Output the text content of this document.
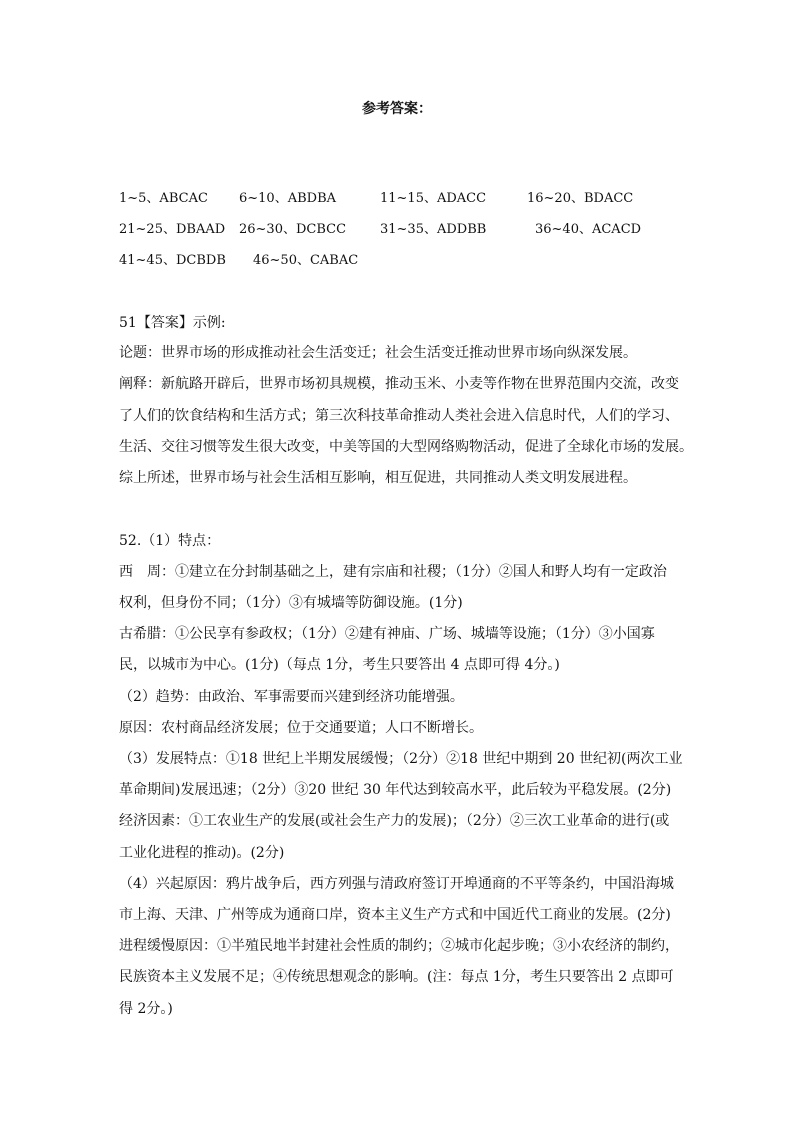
参考答案：
1~5、ABCAC 6~10、ABDBA	11~15、ADACC	16~20、BDACC
21~25、DBAAD 26~30、DCBCC	31~35、ADDBB	36~40、ACACD
41~45、DCBDB 46~50、CABAC
51【答案】示例:
论题：世界市场的形成推动社会生活变迁；社会生活变迁推动世界市场向纵深发展。
阐释：新航路开辟后，世界市场初具规模，推动玉米、小麦等作物在世界范围内交流，改变
了人们的饮食结构和生活方式；第三次科技革命推动人类社会进入信息时代，人们的学习、
生活、交往习惯等发生很大改变，中美等国的大型网络购物活动，促进了全球化市场的发展。
综上所述，世界市场与社会生活相互影响，相互促进，共同推动人类文明发展进程。
52.（1）特点：
西　周：①建立在分封制基础之上，建有宗庙和社稷；（1分）②国人和野人均有一定政治
权利，但身份不同；（1分）③有城墙等防御设施。(1分)
古希腊：①公民享有参政权；（1分）②建有神庙、广场、城墙等设施；（1分）③小国寡
民，以城市为中心。(1分)（每点 1分，考生只要答出 4 点即可得 4分。)
（2）趋势：由政治、军事需要而兴建到经济功能增强。
原因：农村商品经济发展；位于交通要道；人口不断增长。
（3）发展特点：①18 世纪上半期发展缓慢；（2分）②18 世纪中期到 20 世纪初(两次工业
革命期间)发展迅速；（2分）③20 世纪 30 年代达到较高水平，此后较为平稳发展。(2分)
经济因素：①工农业生产的发展(或社会生产力的发展)；（2分）②三次工业革命的进行(或
工业化进程的推动)。(2分)
（4）兴起原因：鸦片战争后，西方列强与清政府签订开埠通商的不平等条约，中国沿海城
市上海、天津、广州等成为通商口岸，资本主义生产方式和中国近代工商业的发展。(2分)
进程缓慢原因：①半殖民地半封建社会性质的制约；②城市化起步晚；③小农经济的制约，
民族资本主义发展不足；④传统思想观念的影响。(注：每点 1分，考生只要答出 2 点即可
得 2分。)
